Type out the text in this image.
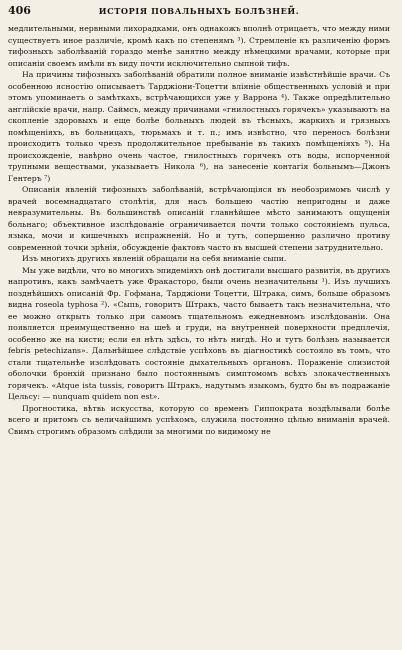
406	ИСТОРІЯ ПОВАЛЬНЫХЪ БОЛѢЗНЕЙ.

медлительными, нервными лихорадками, онъ однакожъ вполнѣ отрицаетъ, что между ними существуетъ иное различіе, кромѣ какъ по степенямъ ³). Стремленіе къ различенію формъ тифозныхъ заболѣваній гораздо менѣе занятно между нѣмецкими врачами, которые при описаніи своемъ имѣли въ виду почти исключительно сыпной тифъ.

На причины тифозныхъ заболѣваній обратили полное вниманіе извѣстнѣйшіе врачи. Съ особенною ясностію описываетъ Тарджіони-Тоцетти вліяніе общественныхъ условій и при этомъ упоминаетъ о замѣткахъ, встрѣчающихся уже у Варрона ⁴). Также опредѣлительно англійскіе врачи, напр. Саймсъ, между причинами «гнилостныхъ горячекъ» указываютъ на скопленіе здоровыхъ и еще болѣе больныхъ людей въ тѣсныхъ, жаркихъ и грязныхъ помѣщеніяхъ, въ больницахъ, тюрьмахъ и т. п.; имъ извѣстно, что переносъ болѣзни происходитъ только чрезъ продолжительное пребываніе въ такихъ помѣщеніяхъ ⁵). На происхожденіе, навѣрно очень частое, гнилостныхъ горячекъ отъ воды, испорченной трупными веществами, указываетъ Никола ⁶), на занесеніе контагія больнымъ—Джонъ Гентеръ ⁷)

Описанія явленій тифозныхъ заболѣваній, встрѣчающіяся въ необозримомъ числѣ у врачей восемнадцатаго столѣтія, для насъ большею частію непригодны и даже невразумительны. Въ большинствѣ описаній главнѣйшее мѣсто занимаютъ ощущенія больнаго; объективное изслѣдованіе ограничивается почти только состояніемъ пульса, языка, мочи и кишечныхъ испражненій. Но и тутъ, сопершенно различно противу современной точки зрѣнія, обсужденіе фактовъ часто въ высшей степени затруднительно.

Изъ многихъ другихъ явленій обращали на себя вниманіе сыпи.

Мы уже видѣли, что во многихъ эпидеміяхъ онѣ достигали высшаго развитія, въ другихъ напротивъ, какъ замѣчаетъ уже Фракасторо, были очень незначительны ¹). Изъ лучшихъ позднѣйшихъ описаній Фр. Гофмана, Тарджіони Тоцетти, Штрака, симъ, больше образомъ видна roseola typhosa ²). «Сыпь, говоритъ Штракъ, часто бываетъ такъ незначительна, что ее можно открыть только при самомъ тщательномъ ежедневномъ изслѣдованіи. Она появляется преимущественно на шеѣ и груди, на внутренней поверхности предплечія, особенно же на кисти; если ея нѣтъ здѣсь, то нѣтъ нигдѣ. Но и тутъ болѣзнь называется febris petechizans». Дальнѣйшее слѣдствіе успѣховъ въ діагностикѣ состояло въ томъ, что стали тщательнѣе изслѣдовать состояніе дыхательныхъ органовъ. Пораженіе слизистой оболочки бронхій признано было постояннымъ симптомомъ всѣхъ злокачественныхъ горячекъ. «Atque ista tussis, говоритъ Штракъ, надутымъ языкомъ, будто бы въ подражаніе Цельсу: — nunquam quidem non est».

Прогностика, вѣтвь искусства, которую со временъ Гиппократа воздѣлывали болѣе всего и притомъ съ величайшимъ успѣхомъ, служила постоянно цѣлью вниманія врачей. Свимъ строгимъ образомъ слѣдили за многими по видимому не
